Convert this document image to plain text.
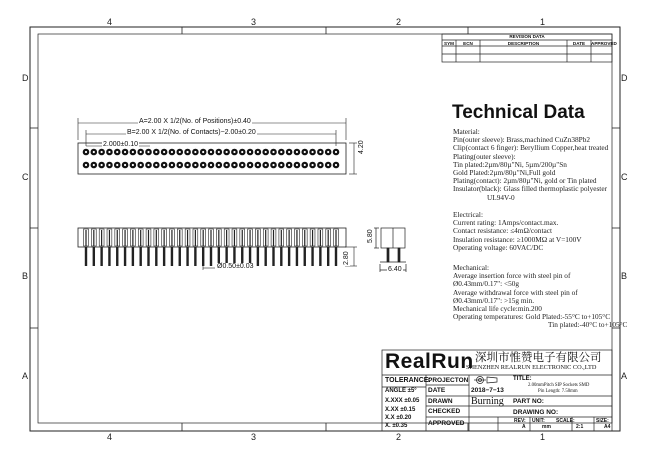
4	3	2	1
4	3	2	1
D
C
B
A
D
C
B
A
REVISION DATA
SYM	ECN	DESCRIPTION	DATE	APPROVED
Technical Data
Material:
Pin(outer sleeve): Brass,machined CuZn38Pb2
Clip(contact 6 finger): Beryllium Copper,heat treated
Plating(outer sleeve):
Tin plated:2µm/80µ"Ni, 5µm/200µ"Sn
Gold Plated:2µm/80µ"Ni,Full gold
Plating(contact): 2µm/80µ"Ni, gold or Tin plated
Insulator(black): Glass filled thermoplastic polyester
UL94V-0
Electrical:
Current rating: 1Amps/contact.max.
Contact resistance: ≤4mΩ/contact
Insulation resistance: ≥1000MΩ at V=100V
Operating voltage: 60VAC/DC
Mechanical:
Average insertion force with steel pin of
Ø0.43mm/0.17": <50g
Average withdrawal force with steel pin of
Ø0.43mm/0.17": >15g min.
Mechanical life cycle:min.200
Operating temperatures: Gold Plated:-55°C to+105°C
Tin plated:-40°C to+105°C
A=2.00 X 1/2(No. of Positions)±0.40
B=2.00 X 1/2(No. of Contacts)−2.00±0.20
2.000±0.10	4.20
5.80
2.80
Ø0.50±0.03	6.40
RealRun 深圳市惟赞电子有限公司
SHENZHEN REALRUN ELECTRONIC CO.,LTD
TOLERANCE:
ANGLE ±5°
X.XXX ±0.05
X.XX ±0.15
X.X ±0.20
X. ±0.35
PROJECTON
DATE	2018−7−13
DRAWN Burning
CHECKED
APPROVED
TITLE:
2.00mmPitch SIP Sockets SMD
Pin Length: 7.50mm
PART NO:
DRAWING NO:
REV:
A
UNIT:
mm
SCALE:
2:1
SIZE:
A4
